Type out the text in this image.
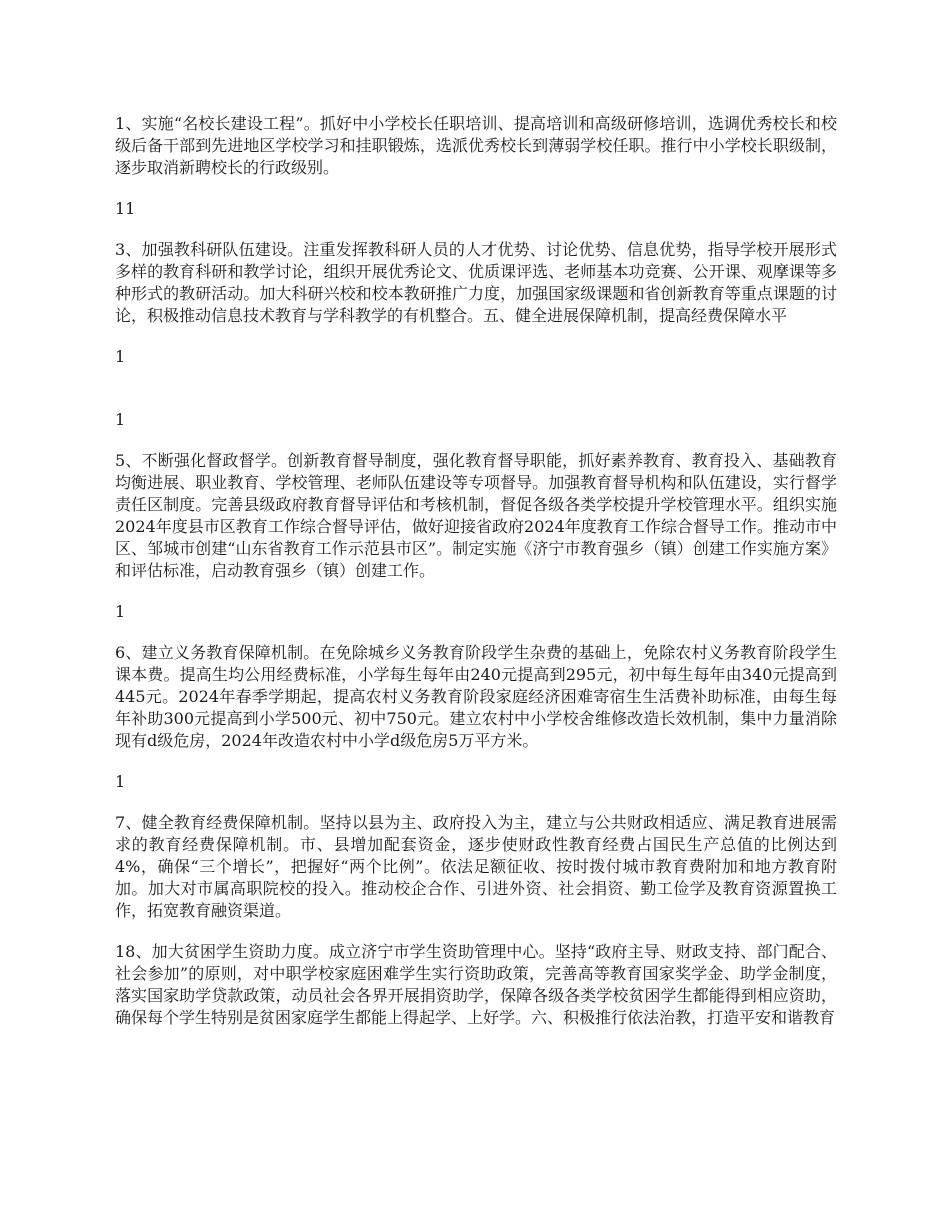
1、实施“名校长建设工程”。抓好中小学校长任职培训、提高培训和高级研修培训，选调优秀校长和校级后备干部到先进地区学校学习和挂职锻炼，选派优秀校长到薄弱学校任职。推行中小学校长职级制，逐步取消新聘校长的行政级别。

11

3、加强教科研队伍建设。注重发挥教科研人员的人才优势、讨论优势、信息优势，指导学校开展形式多样的教育科研和教学讨论，组织开展优秀论文、优质课评选、老师基本功竞赛、公开课、观摩课等多种形式的教研活动。加大科研兴校和校本教研推广力度，加强国家级课题和省创新教育等重点课题的讨论，积极推动信息技术教育与学科教学的有机整合。五、健全进展保障机制，提高经费保障水平

1

1

5、不断强化督政督学。创新教育督导制度，强化教育督导职能，抓好素养教育、教育投入、基础教育均衡进展、职业教育、学校管理、老师队伍建设等专项督导。加强教育督导机构和队伍建设，实行督学责任区制度。完善县级政府教育督导评估和考核机制，督促各级各类学校提升学校管理水平。组织实施2024年度县市区教育工作综合督导评估，做好迎接省政府2024年度教育工作综合督导工作。推动市中区、邹城市创建“山东省教育工作示范县市区”。制定实施《济宁市教育强乡（镇）创建工作实施方案》和评估标准，启动教育强乡（镇）创建工作。

1

6、建立义务教育保障机制。在免除城乡义务教育阶段学生杂费的基础上，免除农村义务教育阶段学生课本费。提高生均公用经费标准，小学每生每年由240元提高到295元，初中每生每年由340元提高到445元。2024年春季学期起，提高农村义务教育阶段家庭经济困难寄宿生生活费补助标准，由每生每年补助300元提高到小学500元、初中750元。建立农村中小学校舍维修改造长效机制，集中力量消除现有d级危房，2024年改造农村中小学d级危房5万平方米。

1

7、健全教育经费保障机制。坚持以县为主、政府投入为主，建立与公共财政相适应、满足教育进展需求的教育经费保障机制。市、县增加配套资金，逐步使财政性教育经费占国民生产总值的比例达到4%，确保“三个增长”，把握好“两个比例”。依法足额征收、按时拨付城市教育费附加和地方教育附加。加大对市属高职院校的投入。推动校企合作、引进外资、社会捐资、勤工俭学及教育资源置换工作，拓宽教育融资渠道。

18、加大贫困学生资助力度。成立济宁市学生资助管理中心。坚持“政府主导、财政支持、部门配合、社会参加”的原则，对中职学校家庭困难学生实行资助政策，完善高等教育国家奖学金、助学金制度，落实国家助学贷款政策，动员社会各界开展捐资助学，保障各级各类学校贫困学生都能得到相应资助，确保每个学生特别是贫困家庭学生都能上得起学、上好学。六、积极推行依法治教，打造平安和谐教育
